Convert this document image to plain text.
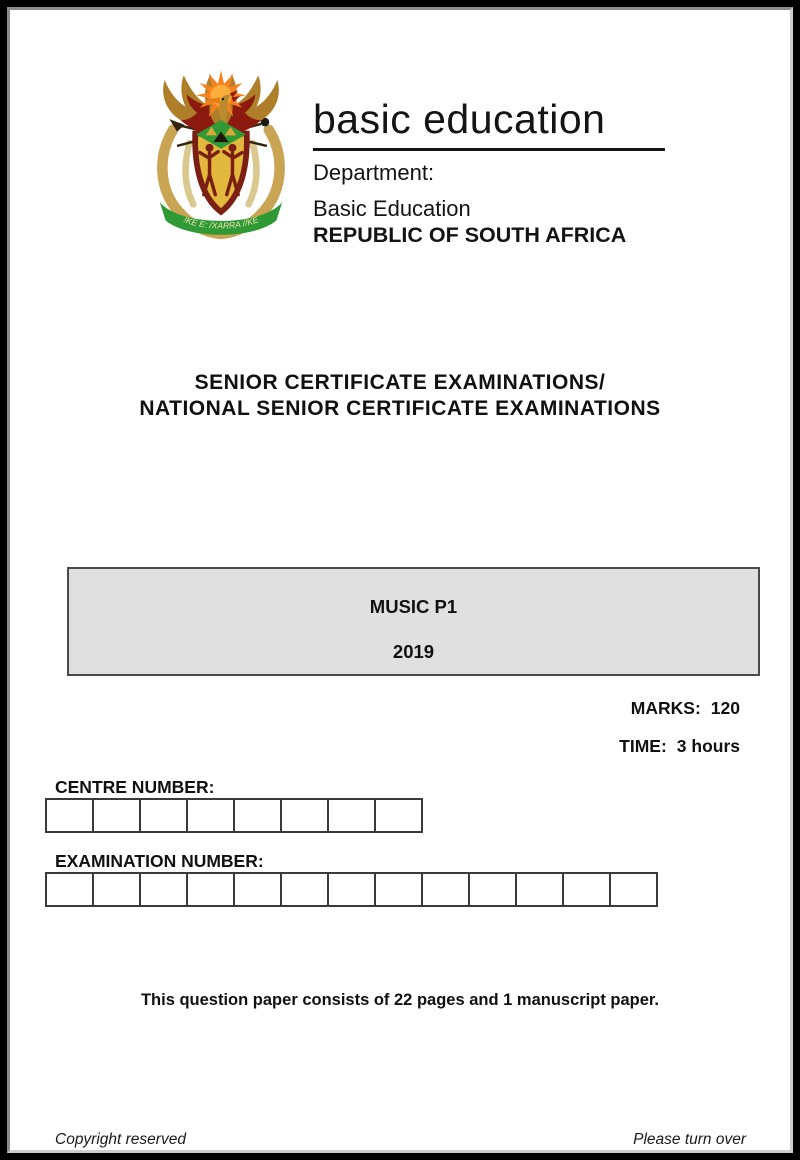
!KE E: /XARRA //KE
basic education
Department:
Basic Education
REPUBLIC OF SOUTH AFRICA
SENIOR CERTIFICATE EXAMINATIONS/
NATIONAL SENIOR CERTIFICATE EXAMINATIONS
MUSIC P1
2019
MARKS: 120
TIME: 3 hours
CENTRE NUMBER:
EXAMINATION NUMBER:
This question paper consists of 22 pages and 1 manuscript paper.
Copyright reserved	Please turn over
